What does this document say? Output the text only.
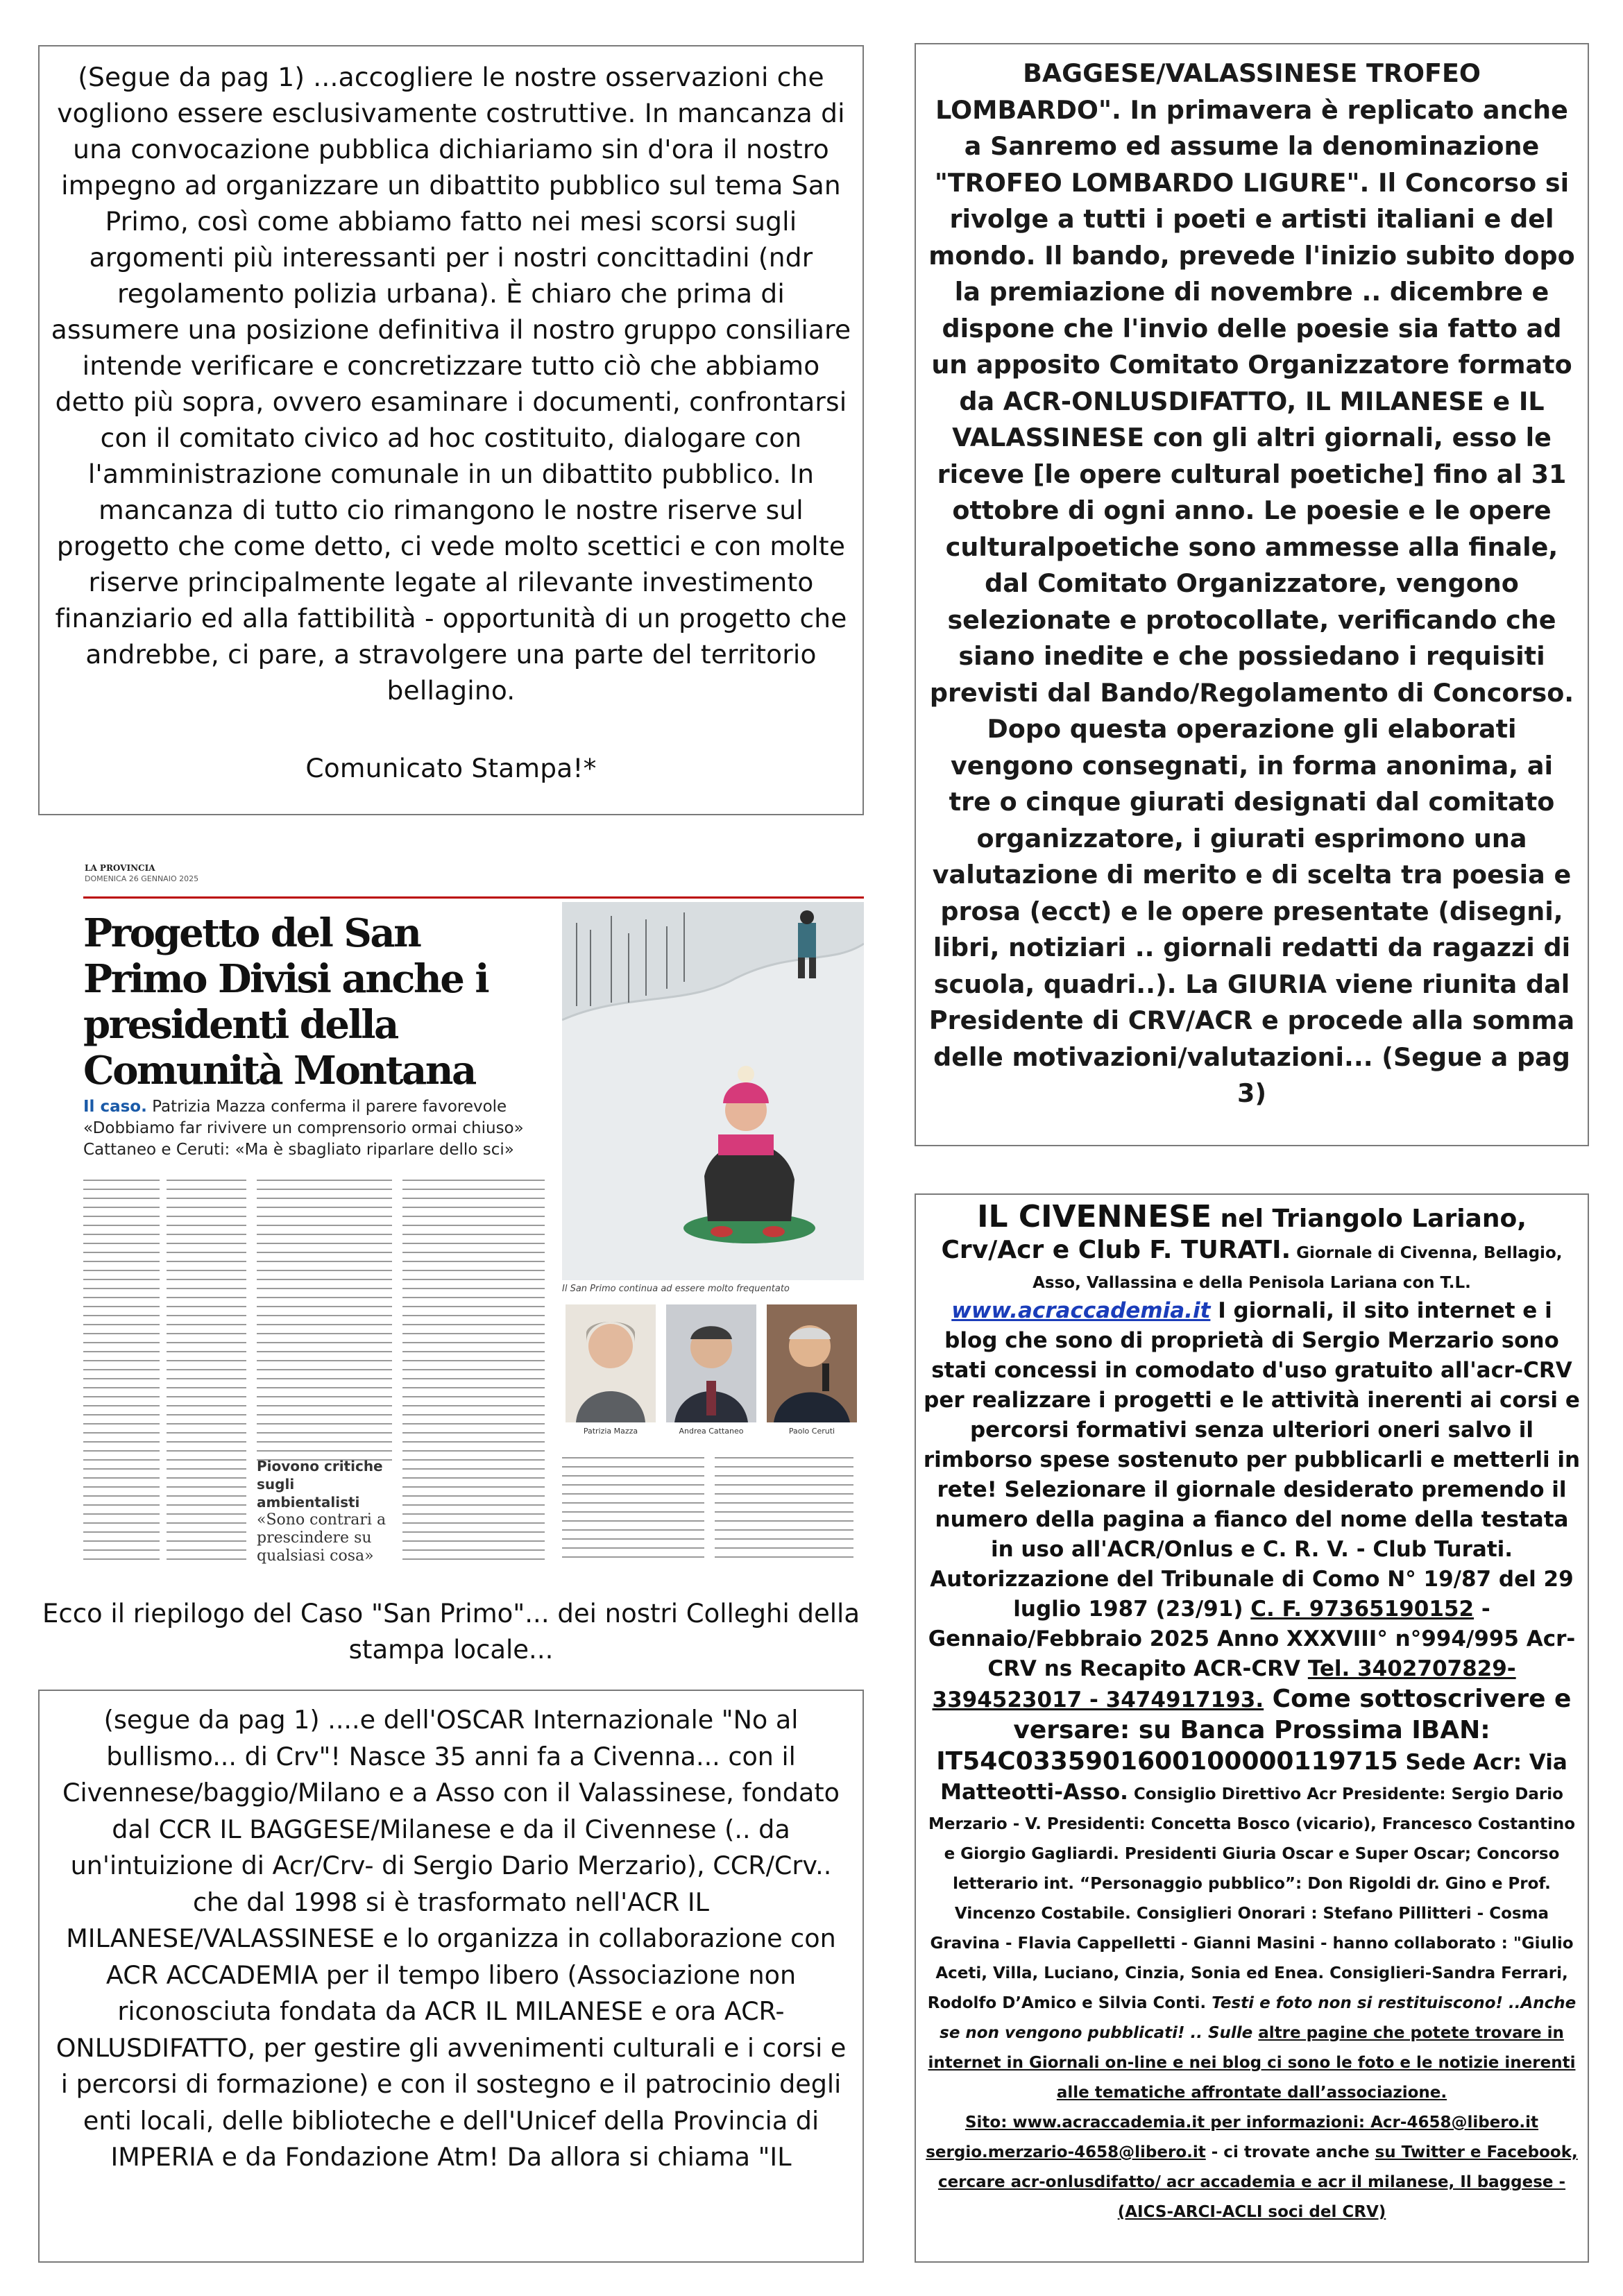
(Segue da pag 1) ...accogliere le nostre osservazioni che vogliono essere esclusivamente costruttive. In mancanza di una convocazione pubblica dichiariamo sin d'ora il nostro impegno ad organizzare un dibattito pubblico sul tema San Primo, così come abbiamo fatto nei mesi scorsi sugli argomenti più interessanti per i nostri concittadini (ndr regolamento polizia urbana). È chiaro che prima di assumere una posizione definitiva il nostro gruppo consiliare intende verificare e concretizzare tutto ciò che abbiamo detto più sopra, ovvero esaminare i documenti, confrontarsi con il comitato civico ad hoc costituito, dialogare con l'amministrazione comunale in un dibattito pubblico. In mancanza di tutto cio rimangono le nostre riserve sul progetto che come detto, ci vede molto scettici e con molte riserve principalmente legate al rilevante investimento finanziario ed alla fattibilità - opportunità di un progetto che andrebbe, ci pare, a stravolgere una parte del territorio bellagino.

Comunicato Stampa!*

BAGGESE/VALASSINESE TROFEO LOMBARDO". In primavera è replicato anche a Sanremo ed assume la denominazione "TROFEO LOMBARDO LIGURE". Il Concorso si rivolge a tutti i poeti e artisti italiani e del mondo. Il bando, prevede l'inizio subito dopo la premiazione di novembre .. dicembre e dispone che l'invio delle poesie sia fatto ad un apposito Comitato Organizzatore formato da ACR-ONLUSDIFATTO, IL MILANESE e IL VALASSINESE con gli altri giornali, esso le riceve [le opere cultural poetiche] fino al 31 ottobre di ogni anno. Le poesie e le opere culturalpoetiche sono ammesse alla finale, dal Comitato Organizzatore, vengono selezionate e protocollate, verificando che siano inedite e che possiedano i requisiti previsti dal Bando/Regolamento di Concorso. Dopo questa operazione gli elaborati vengono consegnati, in forma anonima, ai tre o cinque giurati designati dal comitato organizzatore, i giurati esprimono una valutazione di merito e di scelta tra poesia e prosa (ecct) e le opere presentate (disegni, libri, notiziari .. giornali redatti da ragazzi di scuola, quadri..). La GIURIA viene riunita dal Presidente di CRV/ACR e procede alla somma delle motivazioni/valutazioni... (Segue a pag 3)

LA PROVINCIA
DOMENICA 26 GENNAIO 2025
Progetto del San Primo Divisi anche i presidenti della Comunità Montana
Il caso. Patrizia Mazza conferma il parere favorevole
«Dobbiamo far rivivere un comprensorio ormai chiuso»
Cattaneo e Ceruti: «Ma è sbagliato riparlare dello sci»
Il San Primo continua ad essere molto frequentato
Patrizia Mazza	Andrea Cattaneo	Paolo Ceruti
Piovono critiche sugli ambientalisti
«Sono contrari a prescindere su qualsiasi cosa»
Ecco il riepilogo del Caso "San Primo"... dei nostri Colleghi della stampa locale...

(segue da pag 1) ....e dell'OSCAR Internazionale "No al bullismo... di Crv"! Nasce 35 anni fa a Civenna... con il Civennese/baggio/Milano e a Asso con il Valassinese, fondato dal CCR IL BAGGESE/Milanese e da il Civennese (.. da un'intuizione di Acr/Crv- di Sergio Dario Merzario), CCR/Crv.. che dal 1998 si è trasformato nell'ACR IL MILANESE/VALASSINESE e lo organizza in collaborazione con ACR ACCADEMIA per il tempo libero (Associazione non riconosciuta fondata da ACR IL MILANESE e ora ACR-ONLUSDIFATTO, per gestire gli avvenimenti culturali e i corsi e i percorsi di formazione) e con il sostegno e il patrocinio degli enti locali, delle biblioteche e dell'Unicef della Provincia di IMPERIA e da Fondazione Atm! Da allora si chiama "IL

IL CIVENNESE nel Triangolo Lariano,
Crv/Acr e Club F. TURATI. Giornale di Civenna, Bellagio, Asso, Vallassina e della Penisola Lariana con T.L.
www.acraccademia.it I giornali, il sito internet e i blog che sono di proprietà di Sergio Merzario sono stati concessi in comodato d'uso gratuito all'acr-CRV per realizzare i progetti e le attività inerenti ai corsi e percorsi formativi senza ulteriori oneri salvo il rimborso spese sostenuto per pubblicarli e metterli in rete! Selezionare il giornale desiderato premendo il numero della pagina a fianco del nome della testata in uso all'ACR/Onlus e C. R. V. - Club Turati. Autorizzazione del Tribunale di Como N° 19/87 del 29 luglio 1987 (23/91) C. F. 97365190152 - Gennaio/Febbraio 2025 Anno XXXVIII° n°994/995 Acr-CRV ns Recapito ACR-CRV Tel. 3402707829-3394523017 - 3474917193. Come sottoscrivere e versare: su Banca Prossima IBAN:
IT54C0335901600100000119715 Sede Acr: Via Matteotti-Asso. Consiglio Direttivo Acr Presidente: Sergio Dario Merzario - V. Presidenti: Concetta Bosco (vicario), Francesco Costantino e Giorgio Gagliardi. Presidenti Giuria Oscar e Super Oscar; Concorso letterario int. “Personaggio pubblico”: Don Rigoldi dr. Gino e Prof. Vincenzo Costabile. Consiglieri Onorari : Stefano Pillitteri - Cosma Gravina - Flavia Cappelletti - Gianni Masini - hanno collaborato : "Giulio Aceti, Villa, Luciano, Cinzia, Sonia ed Enea. Consiglieri-Sandra Ferrari, Rodolfo D’Amico e Silvia Conti. Testi e foto non si restituiscono! ..Anche se non vengono pubblicati! .. Sulle altre pagine che potete trovare in internet in Giornali on-line e nei blog ci sono le foto e le notizie inerenti alle tematiche affrontate dall’associazione.
Sito: www.acraccademia.it per informazioni: Acr-4658@libero.it sergio.merzario-4658@libero.it - ci trovate anche su Twitter e Facebook, cercare acr-onlusdifatto/ acr accademia e acr il milanese, Il baggese - (AICS-ARCI-ACLI soci del CRV)
